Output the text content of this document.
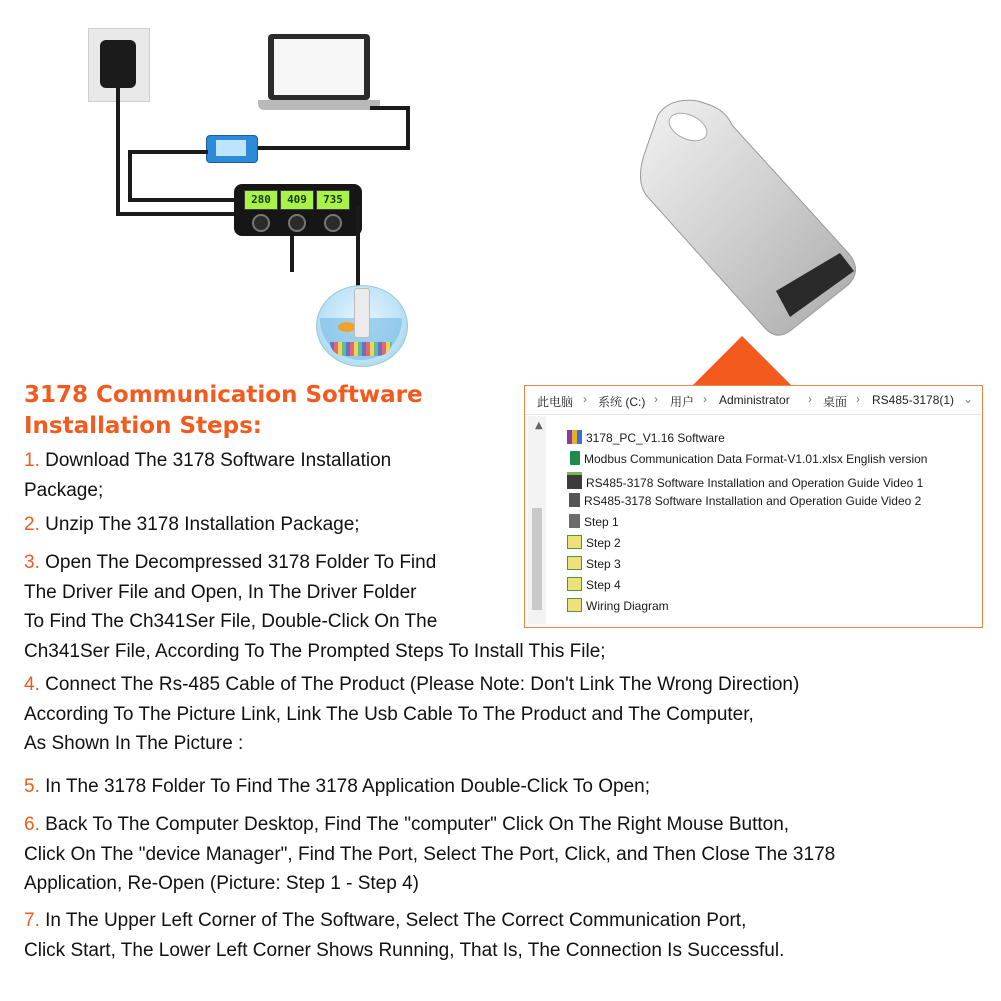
280	409	735
此电脑 › 系统 (C:) › 用户 › Administrator › 桌面 › RS485-3178(1) ⌄
▲
3178_PC_V1.16 Software
Modbus Communication Data Format-V1.01.xlsx English version
RS485-3178 Software Installation and Operation Guide Video 1
RS485-3178 Software Installation and Operation Guide Video 2
Step 1
Step 2
Step 3
Step 4
Wiring Diagram
3178 Communication Software
Installation Steps:
1. Download The 3178 Software Installation
Package;
2. Unzip The 3178 Installation Package;
3. Open The Decompressed 3178 Folder To Find
The Driver File and Open, In The Driver Folder
To Find The Ch341Ser File, Double-Click On The
Ch341Ser File, According To The Prompted Steps To Install This File;
4. Connect The Rs-485 Cable of The Product (Please Note: Don't Link The Wrong Direction)
According To The Picture Link, Link The Usb Cable To The Product and The Computer,
As Shown In The Picture :
5. In The 3178 Folder To Find The 3178 Application Double-Click To Open;
6. Back To The Computer Desktop, Find The "computer" Click On The Right Mouse Button,
Click On The "device Manager", Find The Port, Select The Port, Click, and Then Close The 3178
Application, Re-Open (Picture: Step 1 - Step 4)
7. In The Upper Left Corner of The Software, Select The Correct Communication Port,
Click Start, The Lower Left Corner Shows Running, That Is, The Connection Is Successful.
